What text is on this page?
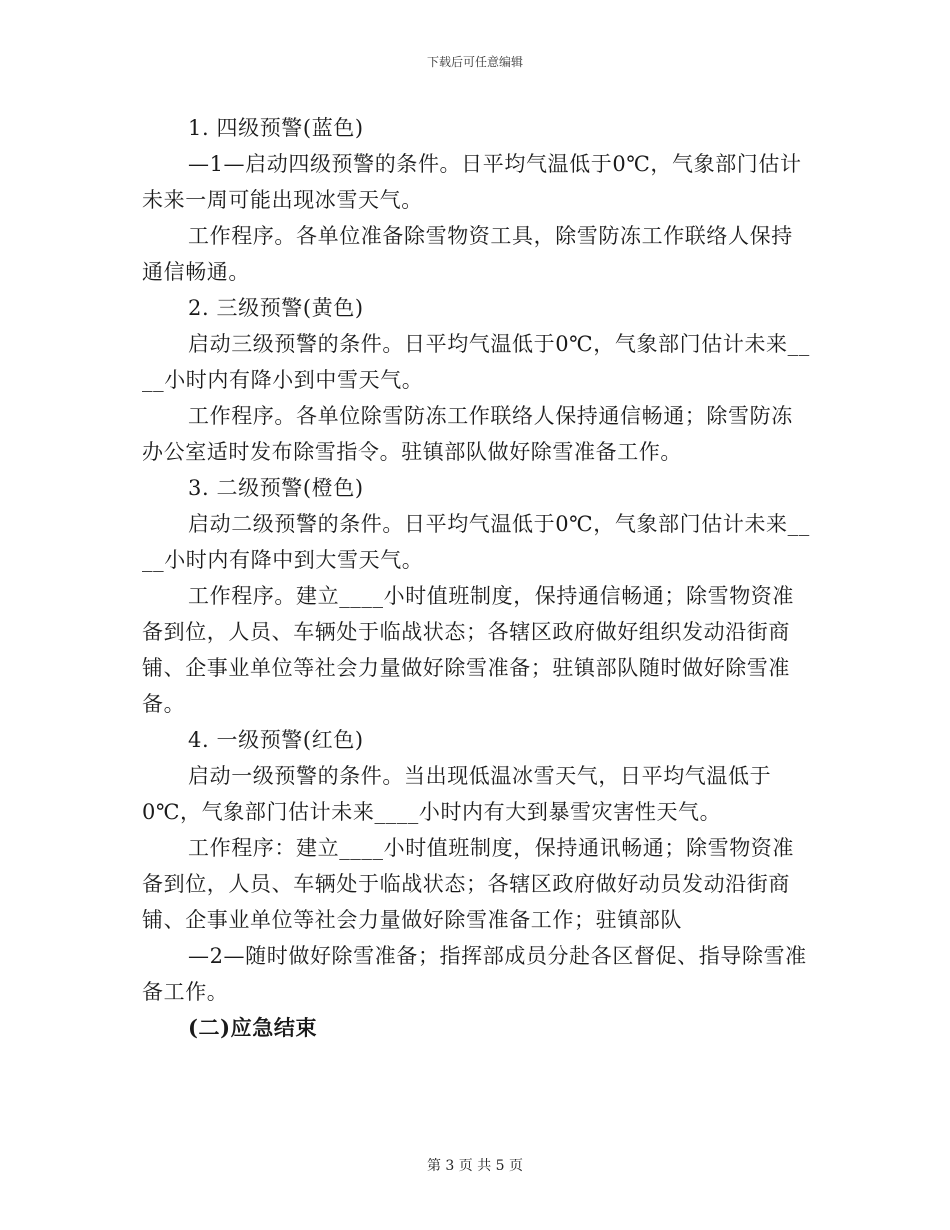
下载后可任意编辑
1. 四级预警(蓝色)
—1—启动四级预警的条件。日平均气温低于0℃，气象部门估计
未来一周可能出现冰雪天气。
工作程序。各单位准备除雪物资工具，除雪防冻工作联络人保持
通信畅通。
2. 三级预警(黄色)
启动三级预警的条件。日平均气温低于0℃，气象部门估计未来__
__小时内有降小到中雪天气。
工作程序。各单位除雪防冻工作联络人保持通信畅通；除雪防冻
办公室适时发布除雪指令。驻镇部队做好除雪准备工作。
3. 二级预警(橙色)
启动二级预警的条件。日平均气温低于0℃，气象部门估计未来__
__小时内有降中到大雪天气。
工作程序。建立____小时值班制度，保持通信畅通；除雪物资准
备到位，人员、车辆处于临战状态；各辖区政府做好组织发动沿街商
铺、企事业单位等社会力量做好除雪准备；驻镇部队随时做好除雪准
备。
4. 一级预警(红色)
启动一级预警的条件。当出现低温冰雪天气，日平均气温低于
0℃，气象部门估计未来____小时内有大到暴雪灾害性天气。
工作程序：建立____小时值班制度，保持通讯畅通；除雪物资准
备到位，人员、车辆处于临战状态；各辖区政府做好动员发动沿街商
铺、企事业单位等社会力量做好除雪准备工作；驻镇部队
—2—随时做好除雪准备；指挥部成员分赴各区督促、指导除雪准
备工作。
(二)应急结束
第 3 页 共 5 页
